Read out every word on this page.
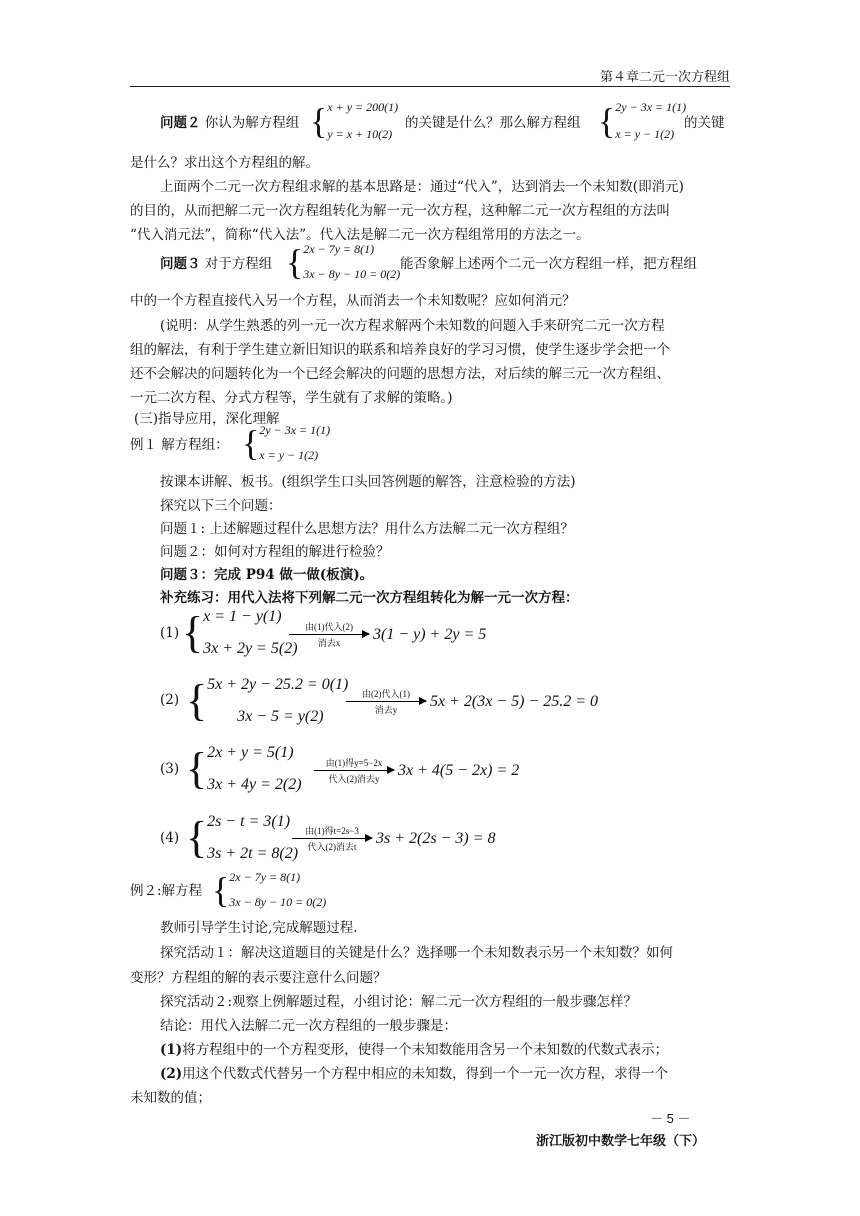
第４章二元一次方程组
问题２ 你认为解方程组 { x + y = 200(1)
y = x + 10(2)
的关键是什么？那么解方程组 { 2y − 3x = 1(1)
x = y − 1(2)
的关键
是什么？求出这个方程组的解。
上面两个二元一次方程组求解的基本思路是：通过“代入”，达到消去一个未知数(即消元)
的目的，从而把解二元一次方程组转化为解一元一次方程，这种解二元一次方程组的方法叫
“代入消元法”，简称“代入法”。代入法是解二元一次方程组常用的方法之一。
问题３ 对于方程组 { 2x − 7y = 8(1)
3x − 8y − 10 = 0(2)
能否象解上述两个二元一次方程组一样，把方程组
中的一个方程直接代入另一个方程，从而消去一个未知数呢？应如何消元？
(说明：从学生熟悉的列一元一次方程求解两个未知数的问题入手来研究二元一次方程
组的解法，有利于学生建立新旧知识的联系和培养良好的学习习惯，使学生逐步学会把一个
还不会解决的问题转化为一个已经会解决的问题的思想方法，对后续的解三元一次方程组、
一元二次方程、分式方程等，学生就有了求解的策略。)
(三)指导应用，深化理解
例１ 解方程组： { 2y − 3x = 1(1)
x = y − 1(2)
按课本讲解、板书。(组织学生口头回答例题的解答，注意检验的方法)
探究以下三个问题：
问题１: 上述解题过程什么思想方法？用什么方法解二元一次方程组？
问题２：如何对方程组的解进行检验？
问题３：完成 P94 做一做(板演)。
补充练习：用代入法将下列解二元一次方程组转化为解一元一次方程：
(1) { x = 1 − y(1)
3x + 2y = 5(2)
由(1)代入(2)
消去x
3(1 − y) + 2y = 5
(2) { 5x + 2y − 25.2 = 0(1)
3x − 5 = y(2)
由(2)代入(1)
消去y
5x + 2(3x − 5) − 25.2 = 0
(3) { 2x + y = 5(1)
3x + 4y = 2(2)
由(1)得y=5−2x
代入(2)消去y
3x + 4(5 − 2x) = 2
(4) { 2s − t = 3(1)
3s + 2t = 8(2)
由(1)得t=2s−3
代入(2)消去t
3s + 2(2s − 3) = 8
例２:解方程 { 2x − 7y = 8(1)
3x − 8y − 10 = 0(2)
教师引导学生讨论,完成解题过程.
探究活动１：解决这道题目的关键是什么？选择哪一个未知数表示另一个未知数？如何
变形？方程组的解的表示要注意什么问题？
探究活动２:观察上例解题过程，小组讨论：解二元一次方程组的一般步骤怎样？
结论：用代入法解二元一次方程组的一般步骤是：
(1)将方程组中的一个方程变形，使得一个未知数能用含另一个未知数的代数式表示；
(2)用这个代数式代替另一个方程中相应的未知数，得到一个一元一次方程，求得一个
未知数的值；
－ 5 －
浙江版初中数学七年级（下）
